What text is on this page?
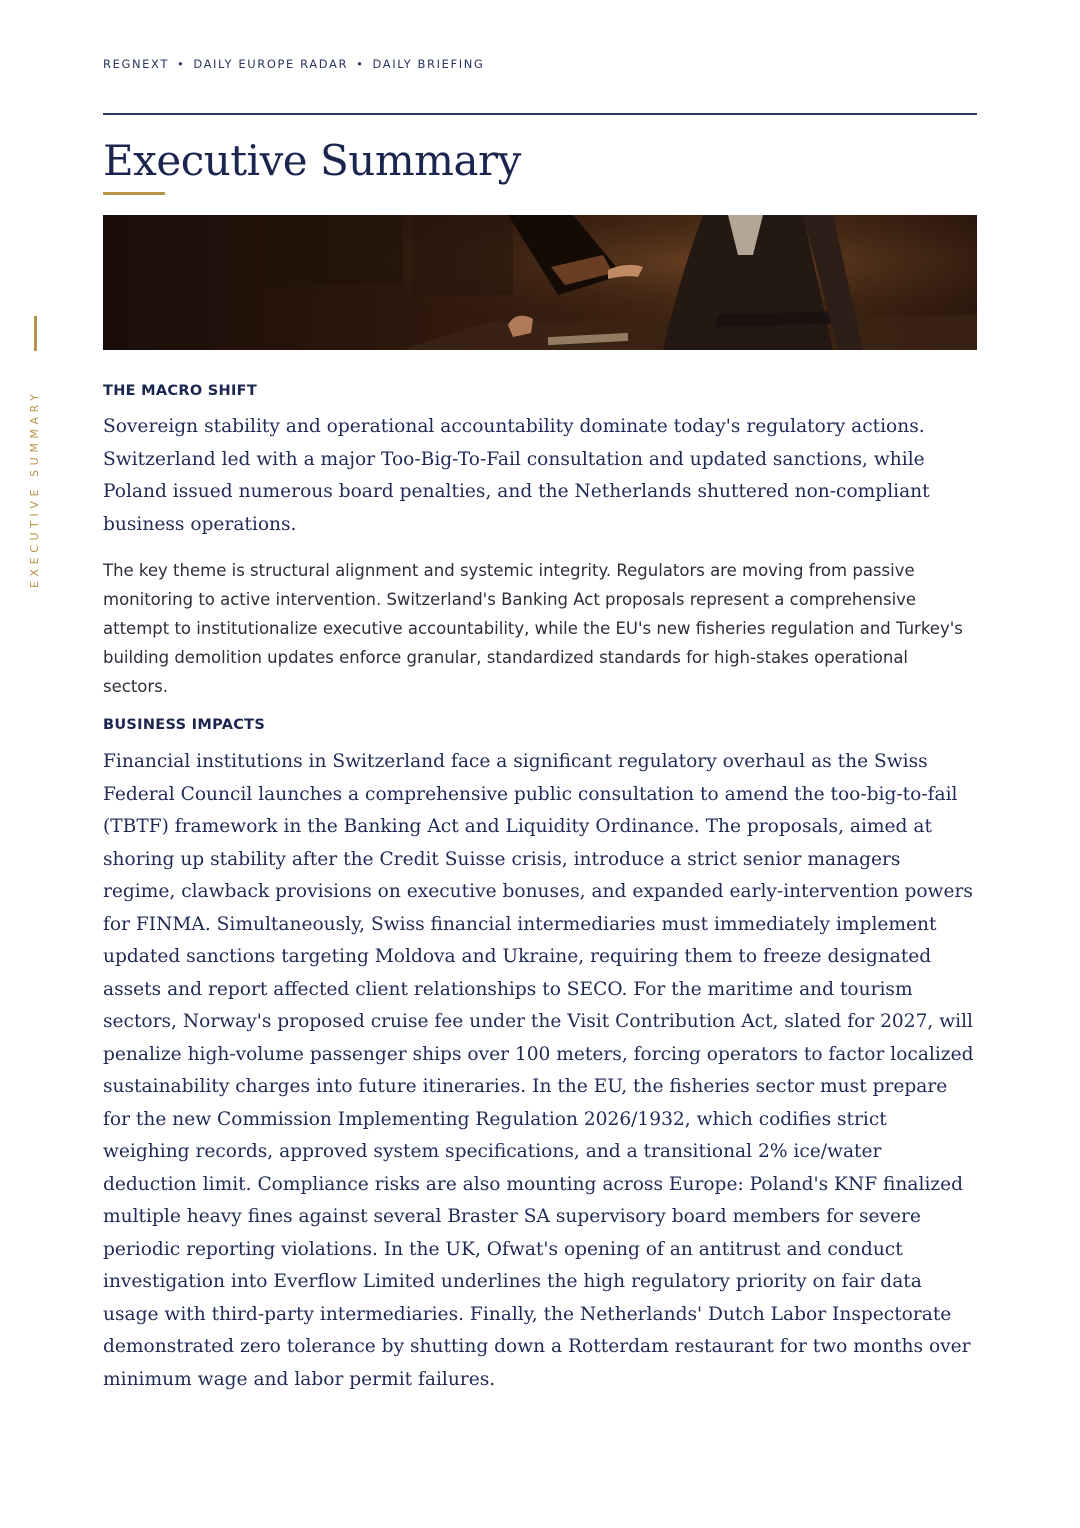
EXECUTIVE SUMMARY
REGNEXT • DAILY EUROPE RADAR • DAILY BRIEFING
Executive Summary
THE MACRO SHIFT

Sovereign stability and operational accountability dominate today's regulatory actions. Switzerland led with a major Too-Big-To-Fail consultation and updated sanctions, while Poland issued numerous board penalties, and the Netherlands shuttered non-compliant business operations.

The key theme is structural alignment and systemic integrity. Regulators are moving from passive monitoring to active intervention. Switzerland's Banking Act proposals represent a comprehensive attempt to institutionalize executive accountability, while the EU's new fisheries regulation and Turkey's building demolition updates enforce granular, standardized standards for high-stakes operational sectors.

BUSINESS IMPACTS

Financial institutions in Switzerland face a significant regulatory overhaul as the Swiss Federal Council launches a comprehensive public consultation to amend the too-big-to-fail (TBTF) framework in the Banking Act and Liquidity Ordinance. The proposals, aimed at shoring up stability after the Credit Suisse crisis, introduce a strict senior managers regime, clawback provisions on executive bonuses, and expanded early-intervention powers for FINMA. Simultaneously, Swiss financial intermediaries must immediately implement updated sanctions targeting Moldova and Ukraine, requiring them to freeze designated assets and report affected client relationships to SECO. For the maritime and tourism sectors, Norway's proposed cruise fee under the Visit Contribution Act, slated for 2027, will penalize high-volume passenger ships over 100 meters, forcing operators to factor localized sustainability charges into future itineraries. In the EU, the fisheries sector must prepare for the new Commission Implementing Regulation 2026/1932, which codifies strict weighing records, approved system specifications, and a transitional 2% ice/water deduction limit. Compliance risks are also mounting across Europe: Poland's KNF finalized multiple heavy fines against several Braster SA supervisory board members for severe periodic reporting violations. In the UK, Ofwat's opening of an antitrust and conduct investigation into Everflow Limited underlines the high regulatory priority on fair data usage with third-party intermediaries. Finally, the Netherlands' Dutch Labor Inspectorate demonstrated zero tolerance by shutting down a Rotterdam restaurant for two months over minimum wage and labor permit failures.
